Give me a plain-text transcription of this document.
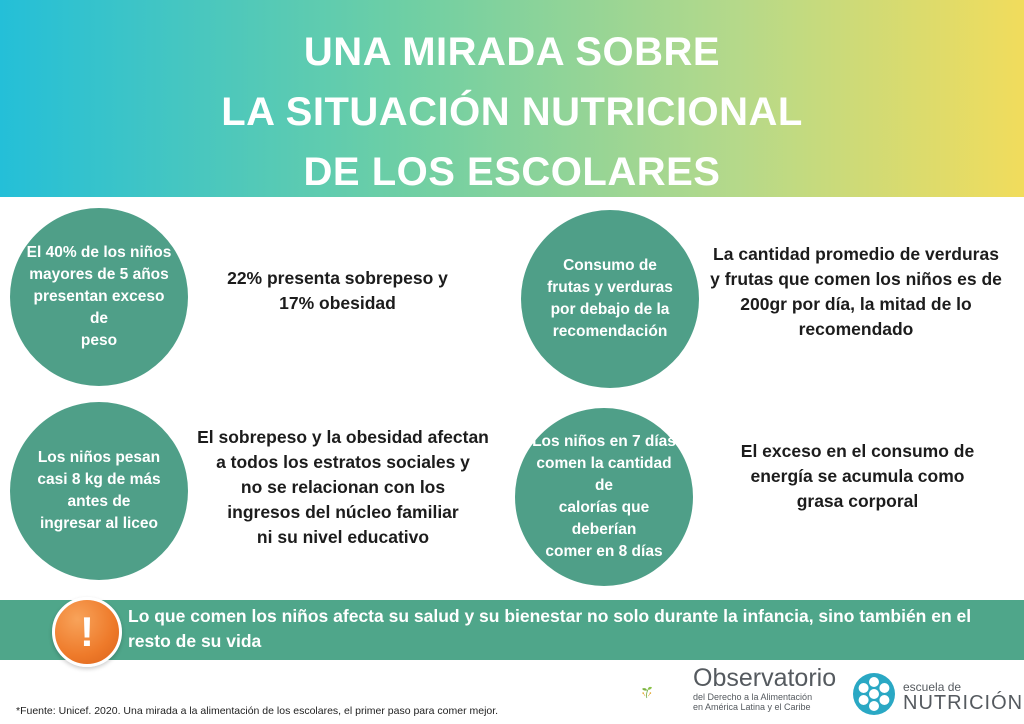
UNA MIRADA SOBRE
LA SITUACIÓN NUTRICIONAL
DE LOS ESCOLARES
El 40% de los niños
mayores de 5 años
presentan exceso de
peso
22% presenta sobrepeso y
17% obesidad
Consumo de
frutas y verduras
por debajo de la
recomendación
La cantidad promedio de verduras
y frutas que comen los niños es de
200gr por día, la mitad de lo
recomendado
Los niños pesan
casi 8 kg de más
antes de
ingresar al liceo
El sobrepeso y la obesidad afectan
a todos los estratos sociales y
no se relacionan con los
ingresos del núcleo familiar
ni su nivel educativo
Los niños en 7 días
comen la cantidad de
calorías que deberían
comer en 8 días
El exceso en el consumo de
energía se acumula como
grasa corporal
! Lo que comen los niños afecta su salud y su bienestar no solo durante la infancia, sino también en el resto de su vida
*Fuente: Unicef. 2020. Una mirada a la alimentación de los escolares, el primer paso para comer mejor.
Observatorio
del Derecho a la Alimentación
en América Latina y el Caribe
escuela de
NUTRICIÓN
